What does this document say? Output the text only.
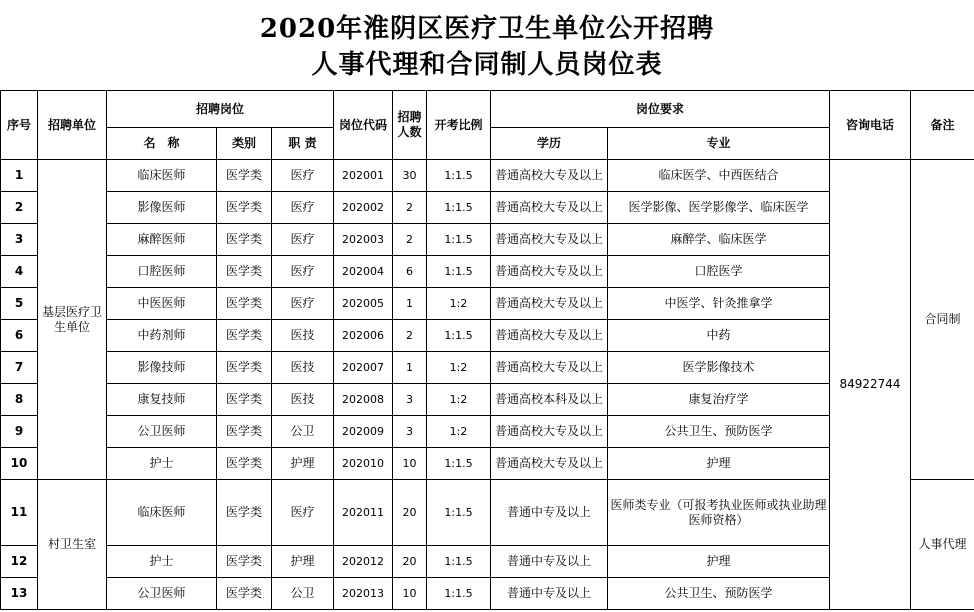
2020年淮阴区医疗卫生单位公开招聘
人事代理和合同制人员岗位表
序号	招聘单位	招聘岗位			岗位代码	招聘人数	开考比例	岗位要求		咨询电话	备注
		名　称	类别	职 责				学历	专业		
1	基层医疗卫生单位	临床医师	医学类	医疗	202001	30	1:1.5	普通高校大专及以上	临床医学、中西医结合	84922744	合同制
2		影像医师	医学类	医疗	202002	2	1:1.5	普通高校大专及以上	医学影像、医学影像学、临床医学		
3		麻醉医师	医学类	医疗	202003	2	1:1.5	普通高校大专及以上	麻醉学、临床医学		
4		口腔医师	医学类	医疗	202004	6	1:1.5	普通高校大专及以上	口腔医学		
5		中医医师	医学类	医疗	202005	1	1:2	普通高校大专及以上	中医学、针灸推拿学		
6		中药剂师	医学类	医技	202006	2	1:1.5	普通高校大专及以上	中药		
7		影像技师	医学类	医技	202007	1	1:2	普通高校大专及以上	医学影像技术		
8		康复技师	医学类	医技	202008	3	1:2	普通高校本科及以上	康复治疗学		
9		公卫医师	医学类	公卫	202009	3	1:2	普通高校大专及以上	公共卫生、预防医学		
10		护士	医学类	护理	202010	10	1:1.5	普通高校大专及以上	护理		
11	村卫生室	临床医师	医学类	医疗	202011	20	1:1.5	普通中专及以上	医师类专业（可报考执业医师或执业助理医师资格）		人事代理
12		护士	医学类	护理	202012	20	1:1.5	普通中专及以上	护理		
13		公卫医师	医学类	公卫	202013	10	1:1.5	普通中专及以上	公共卫生、预防医学		
